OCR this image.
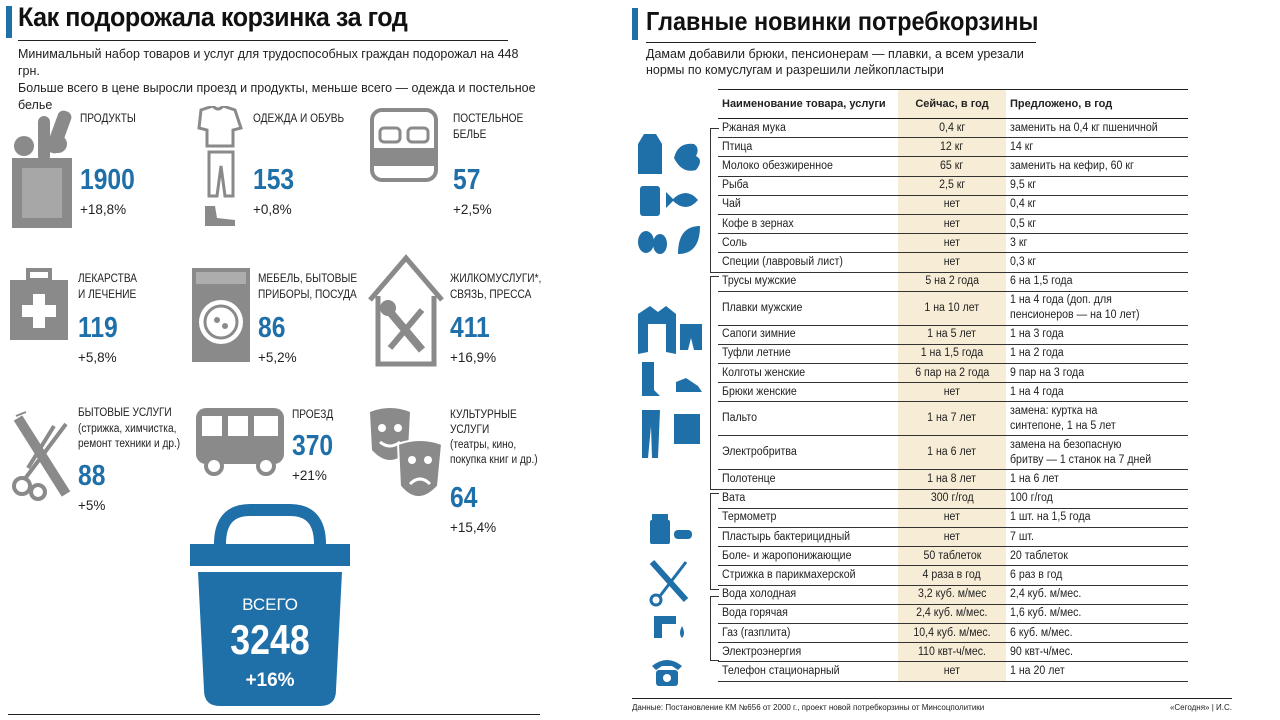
Как подорожала корзинка за год
Минимальный набор товаров и услуг для трудоспособных граждан подорожал на 448 грн.
Больше всего в цене выросли проезд и продукты, меньше всего — одежда и постельное белье
ПРОДУКТЫ
1900
+18,8%
ОДЕЖДА И ОБУВЬ
153
+0,8%
ПОСТЕЛЬНОЕ
БЕЛЬЕ
57
+2,5%
ЛЕКАРСТВА
И ЛЕЧЕНИЕ
119
+5,8%
МЕБЕЛЬ, БЫТОВЫЕ
ПРИБОРЫ, ПОСУДА
86
+5,2%
ЖИЛКОМУСЛУГИ*,
СВЯЗЬ, ПРЕССА
411
+16,9%
БЫТОВЫЕ УСЛУГИ
(стрижка, химчистка,
ремонт техники и др.)
88
+5%
ПРОЕЗД
370
+21%
КУЛЬТУРНЫЕ
УСЛУГИ
(театры, кино,
покупка книг и др.)
64
+15,4%
ВСЕГО
3248
+16%
Главные новинки потребкорзины
Дамам добавили брюки, пенсионерам — плавки, а всем урезали
нормы по комуслугам и разрешили лейкопластыри
Наименование товара, услуги	Сейчас, в год	Предложено, в год
Ржаная мука	0,4 кг	заменить на 0,4 кг пшеничной
Птица	12 кг	14 кг
Молоко обезжиренное	65 кг	заменить на кефир, 60 кг
Рыба	2,5 кг	9,5 кг
Чай	нет	0,4 кг
Кофе в зернах	нет	0,5 кг
Соль	нет	3 кг
Специи (лавровый лист)	нет	0,3 кг
Трусы мужские	5 на 2 года	6 на 1,5 года
Плавки мужские	1 на 10 лет	1 на 4 года (доп. для
пенсионеров — на 10 лет)
Сапоги зимние	1 на 5 лет	1 на 3 года
Туфли летние	1 на 1,5 года	1 на 2 года
Колготы женские	6 пар на 2 года	9 пар на 3 года
Брюки женские	нет	1 на 4 года
Пальто	1 на 7 лет	замена: куртка на
синтепоне, 1 на 5 лет
Электробритва	1 на 6 лет	замена на безопасную
бритву — 1 станок на 7 дней
Полотенце	1 на 8 лет	1 на 6 лет
Вата	300 г/год	100 г/год
Термометр	нет	1 шт. на 1,5 года
Пластырь бактерицидный	нет	7 шт.
Боле- и жаропонижающие	50 таблеток	20 таблеток
Стрижка в парикмахерской	4 раза в год	6 раз в год
Вода холодная	3,2 куб. м/мес	2,4 куб. м/мес.
Вода горячая	2,4 куб. м/мес.	1,6 куб. м/мес.
Газ (газплита)	10,4 куб. м/мес.	6 куб. м/мес.
Электроэнергия	110 квт-ч/мес.	90 квт-ч/мес.
Телефон стационарный	нет	1 на 20 лет
Данные: Постановление КМ №656 от 2000 г., проект новой потребкорзины от Минсоцполитики	«Сегодня» | И.С.
